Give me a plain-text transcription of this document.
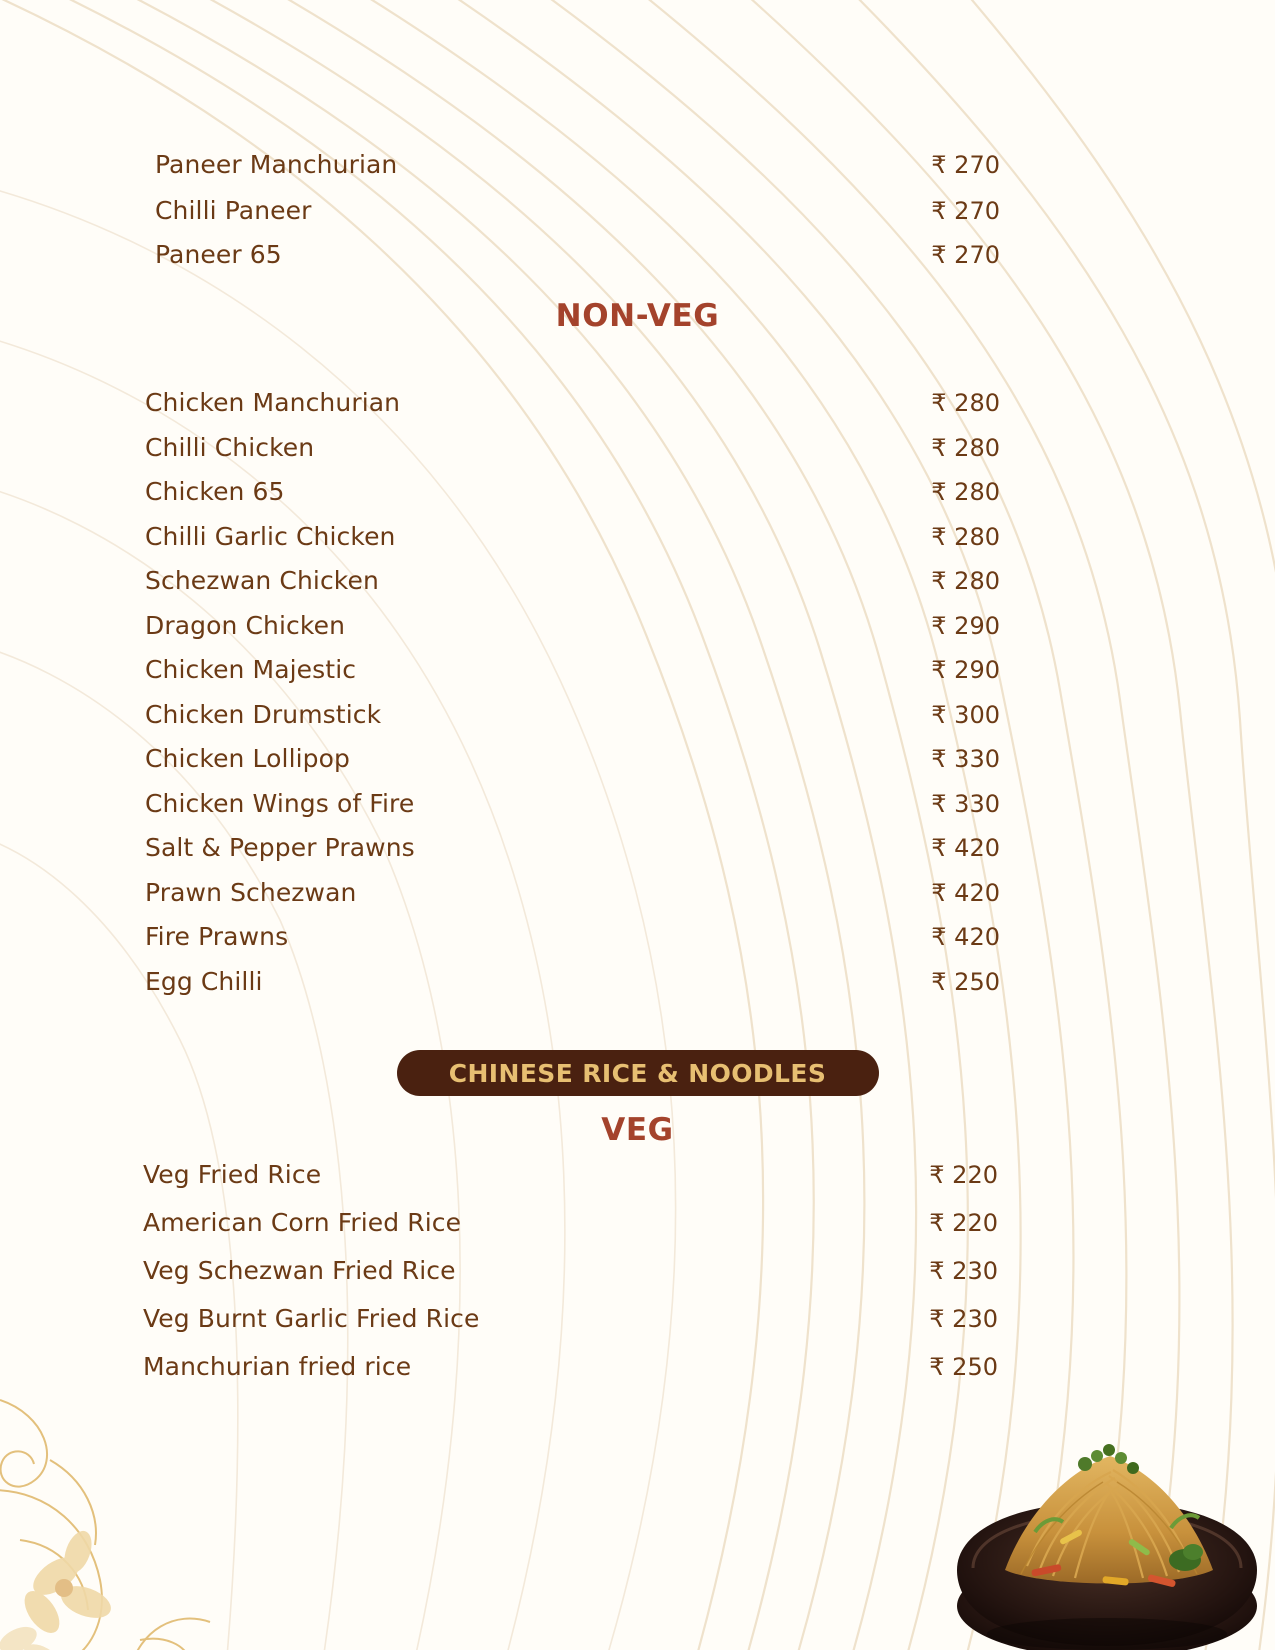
Paneer Manchurian	₹ 270
Chilli Paneer	₹ 270
Paneer 65	₹ 270
NON-VEG
Chicken Manchurian	₹ 280
Chilli Chicken	₹ 280
Chicken 65	₹ 280
Chilli Garlic Chicken	₹ 280
Schezwan Chicken	₹ 280
Dragon Chicken	₹ 290
Chicken Majestic	₹ 290
Chicken Drumstick	₹ 300
Chicken Lollipop	₹ 330
Chicken Wings of Fire	₹ 330
Salt & Pepper Prawns	₹ 420
Prawn Schezwan	₹ 420
Fire Prawns	₹ 420
Egg Chilli	₹ 250
CHINESE RICE & NOODLES
VEG
Veg Fried Rice	₹ 220
American Corn Fried Rice	₹ 220
Veg Schezwan Fried Rice	₹ 230
Veg Burnt Garlic Fried Rice	₹ 230
Manchurian fried rice	₹ 250
